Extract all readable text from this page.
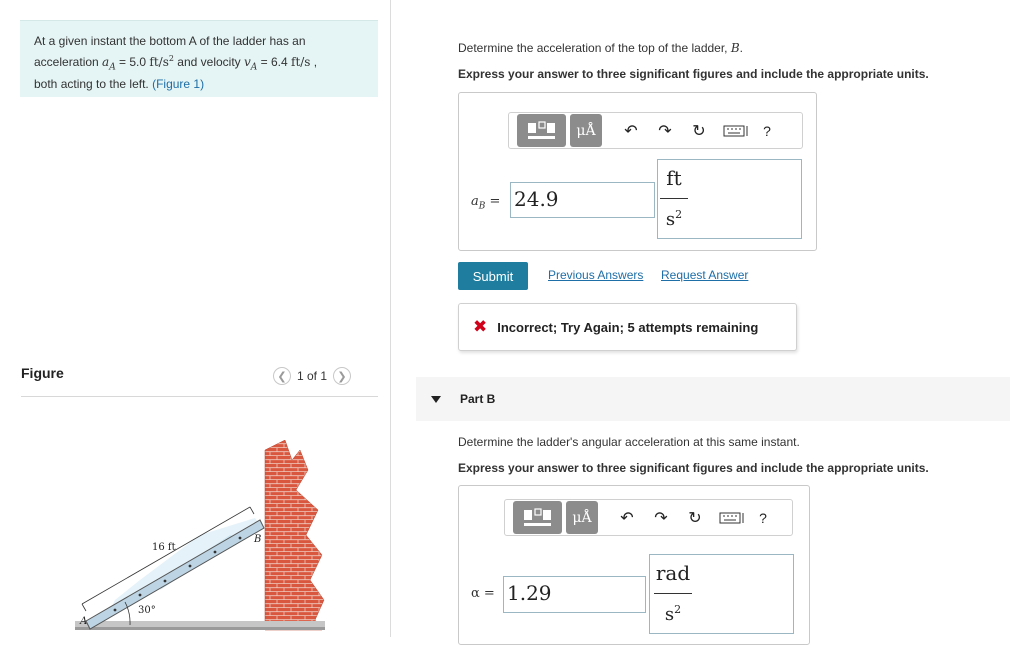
At a given instant the bottom A of the ladder has an
acceleration $a_A = 5.0$ $ft/s^2$ and velocity $v_A = 6.4$ ft/s ,
both acting to the left. (Figure 1)
Figure	❮ 1 of 1 ❯
16 ft
30°
A
B
Determine the acceleration of the top of the ladder, B.
Express your answer to three significant figures and include the appropriate units.
μÅ	↶ ↷ ↻	?
$a_B = 24.9$
ft
$s^2$
Submit	Previous Answers Request Answer
✖ Incorrect; Try Again; 5 attempts remaining
Part B
Determine the ladder's angular acceleration at this same instant.
Express your answer to three significant figures and include the appropriate units.
μÅ	↶ ↷ ↻	?
α = 1.29
rad
$s^2$
